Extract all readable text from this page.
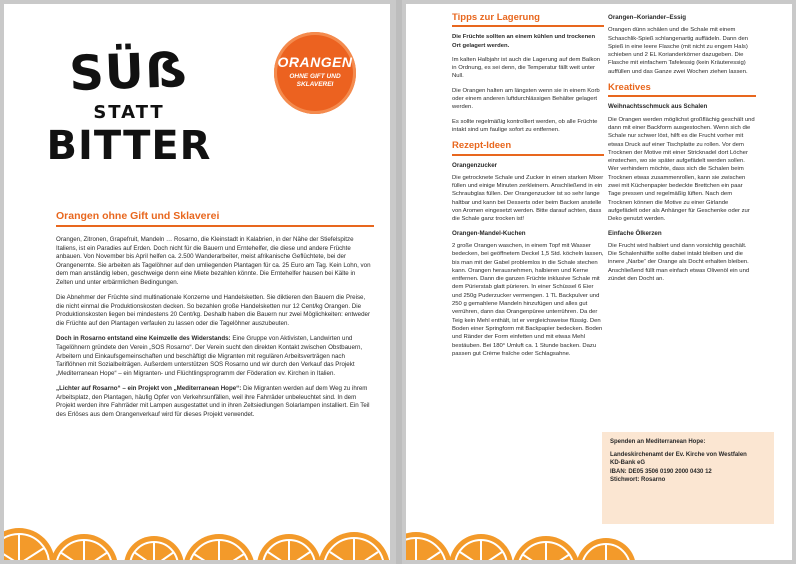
SÜẞ
STATT
BITTER
ORANGEN
OHNE GIFT UND SKLAVEREI
Orangen ohne Gift und Sklaverei

Orangen, Zitronen, Grapefruit, Mandeln … Rosarno, die Kleinstadt in Kalabrien, in der Nähe der Stiefelspitze Italiens, ist ein Paradies auf Erden. Doch nicht für die Bauern und Erntehelfer, die diese und andere Früchte anbauen. Von November bis April helfen ca. 2.500 Wanderarbeiter, meist afrikanische Geflüchtete, bei der Orangenernte. Sie arbeiten als Tagelöhner auf den umliegenden Plantagen für ca. 25 Euro am Tag. Kein Lohn, von dem man anständig leben, geschweige denn eine Miete bezahlen könnte. Die Erntehelfer hausen bei Kälte in Zelten und unter erbärmlichen Bedingungen.

Die Abnehmer der Früchte sind multinationale Konzerne und Handelsketten. Sie diktieren den Bauern die Preise, die nicht einmal die Produktionskosten decken. So bezahlen große Handelsketten nur 12 Cent/kg Orangen. Die Produktionskosten liegen bei mindestens 20 Cent/kg. Deshalb haben die Bauern nur zwei Möglichkeiten: entweder die Früchte auf den Plantagen verfaulen zu lassen oder die Tagelöhner auszubeuten.

Doch in Rosarno entstand eine Keimzelle des Widerstands: Eine Gruppe von Aktivisten, Landwirten und Tagelöhnern gründete den Verein „SOS Rosarno“. Der Verein sucht den direkten Kontakt zwischen Obstbauern, Arbeitern und Einkaufsgemeinschaften und beschäftigt die Migranten mit regulären Arbeitsverträgen nach Tariflöhnen mit Sozialbeiträgen. Außerdem unterstützen SOS Rosarno und wir durch den Verkauf das Projekt „Mediterranean Hope“ – ein Migranten- und Flüchtlingsprogramm der Föderation ev. Kirchen in Italien.

„Lichter auf Rosarno“ – ein Projekt von „Mediterranean Hope“: Die Migranten werden auf dem Weg zu ihrem Arbeitsplatz, den Plantagen, häufig Opfer von Verkehrsunfällen, weil ihre Fahrräder unbeleuchtet sind. In dem Projekt werden ihre Fahrräder mit Lampen ausgestattet und in ihren Zeltsiedlungen Solarlampen installiert. Ein Teil des Erlöses aus dem Orangenverkauf wird für dieses Projekt verwendet.

Tipps zur Lagerung

Die Früchte sollten an einem kühlen und trockenen Ort gelagert werden.

Im kalten Halbjahr ist auch die Lagerung auf dem Balkon in Ordnung, es sei denn, die Temperatur fällt weit unter Null.

Die Orangen halten am längsten wenn sie in einem Korb oder einem anderen luftdurchlässigen Behälter gelagert werden.

Es sollte regelmäßig kontrolliert werden, ob alle Früchte intakt sind um faulige sofort zu entfernen.

Rezept-Ideen
Orangenzucker

Die getrocknete Schale und Zucker in einen starken Mixer füllen und einige Minuten zerkleinern. Anschließend in ein Schraubglas füllen. Der Orangenzucker ist so sehr lange haltbar und kann bei Desserts oder beim Backen anstelle von Aromen eingesetzt werden. Bitte darauf achten, dass die Schale ganz trocken ist!

Orangen-Mandel-Kuchen

2 große Orangen waschen, in einem Topf mit Wasser bedecken, bei geöffnetem Deckel 1,5 Std. köcheln lassen, bis man mit der Gabel problemlos in die Schale stechen kann. Orangen herausnehmen, halbieren und Kerne entfernen. Dann die ganzen Früchte inklusive Schale mit dem Pürierstab glatt pürieren. In einer Schüssel 6 Eier und 250g Puderzucker vermengen. 1 TL Backpulver und 250 g gemahlene Mandeln hinzufügen und alles gut verrühren, dann das Orangenpüree unterrühren. Da der Teig kein Mehl enthält, ist er vergleichsweise flüssig. Den Boden einer Springform mit Backpapier bedecken. Boden und Ränder der Form einfetten und mit etwas Mehl bestäuben. Bei 180° Umluft ca. 1 Stunde backen. Dazu passen gut Crème fraîche oder Schlagsahne.

Orangen–Koriander–Essig

Orangen dünn schälen und die Schale mit einem Schaschlik-Spieß schlangenartig auffädeln. Dann den Spieß in eine leere Flasche (mit nicht zu engem Hals) schieben und 2 EL Korianderkörner dazugeben. Die Flasche mit einfachem Tafelessig (kein Kräuteressig) auffüllen und das Ganze zwei Wochen ziehen lassen.

Kreatives
Weihnachtsschmuck aus Schalen

Die Orangen werden möglichst großflächig geschält und dann mit einer Backform ausgestochen. Wenn sich die Schale nur schwer löst, hilft es die Frucht vorher mit etwas Druck auf einer Tischplatte zu rollen. Vor dem Trocknen der Motive mit einer Stricknadel dort Löcher einstechen, wo sie später aufgefädelt werden sollen. Wer verhindern möchte, dass sich die Schalen beim Trocknen etwas zusammenrollen, kann sie zwischen zwei mit Küchenpapier bedeckte Brettchen ein paar Tage pressen und regelmäßig lüften. Nach dem Trocknen können die Motive zu einer Girlande aufgefädelt oder als Anhänger für Geschenke oder zur Deko genutzt werden.

Einfache Ölkerzen

Die Frucht wird halbiert und dann vorsichtig geschält. Die Schalenhälfte sollte dabei intakt bleiben und die innere „Narbe“ der Orange als Docht erhalten bleiben. Anschließend füllt man einfach etwas Olivenöl ein und zündet den Docht an.

Spenden an Mediterranean Hope:
Landeskirchenamt der Ev. Kirche von Westfalen
KD-Bank eG
IBAN: DE05 3506 0190 2000 0430 12
Stichwort: Rosarno
